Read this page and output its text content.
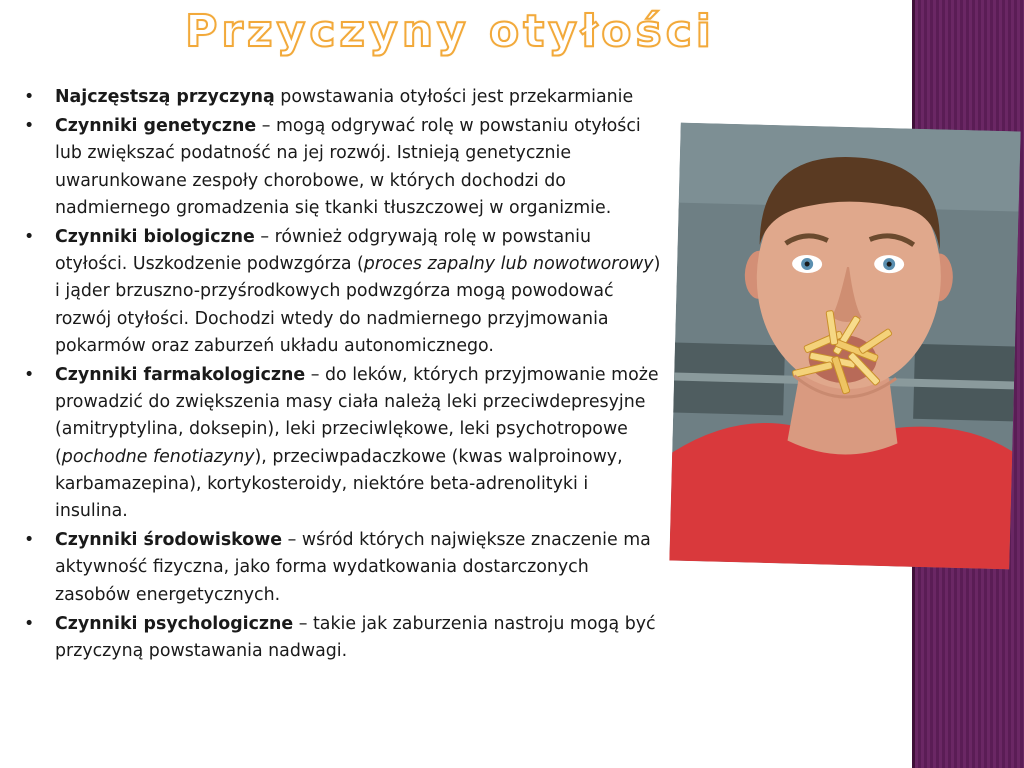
Przyczyny otyłości
• Najczęstszą przyczyną powstawania otyłości jest przekarmianie
• Czynniki genetyczne – mogą odgrywać rolę w powstaniu otyłości lub zwiększać podatność na jej rozwój. Istnieją genetycznie uwarunkowane zespoły chorobowe, w których dochodzi do nadmiernego gromadzenia się tkanki tłuszczowej w organizmie.
• Czynniki biologiczne – również odgrywają rolę w powstaniu otyłości. Uszkodzenie podwzgórza (proces zapalny lub nowotworowy) i jąder brzuszno-przyśrodkowych podwzgórza mogą powodować rozwój otyłości. Dochodzi wtedy do nadmiernego przyjmowania pokarmów oraz zaburzeń układu autonomicznego.
• Czynniki farmakologiczne – do leków, których przyjmowanie może prowadzić do zwiększenia masy ciała należą leki przeciwdepresyjne (amitryptylina, doksepin), leki przeciwlękowe, leki psychotropowe (pochodne fenotiazyny), przeciwpadaczkowe (kwas walproinowy, karbamazepina), kortykosteroidy, niektóre beta-adrenolityki i insulina.
• Czynniki środowiskowe – wśród których największe znaczenie ma aktywność fizyczna, jako forma wydatkowania dostarczonych zasobów energetycznych.
• Czynniki psychologiczne – takie jak zaburzenia nastroju mogą być przyczyną powstawania nadwagi.
